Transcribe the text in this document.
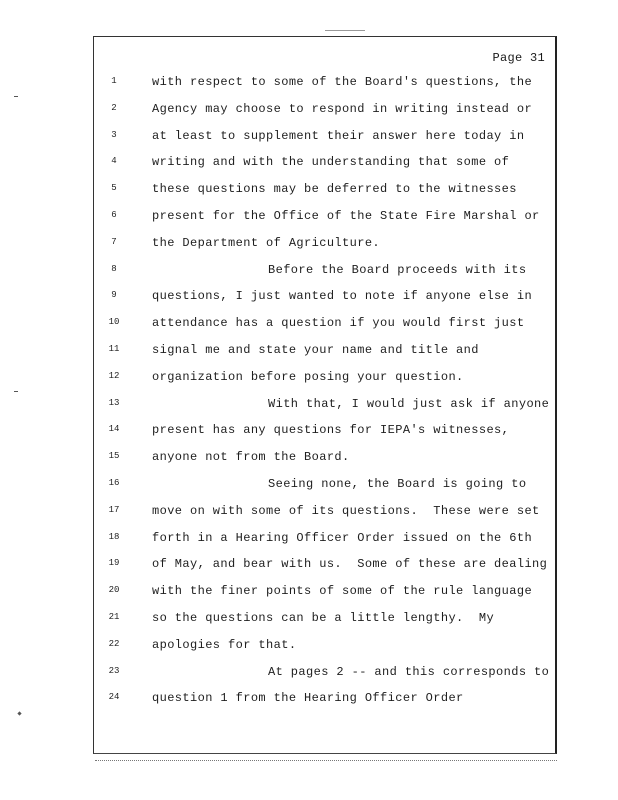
Page 31
1
2
3
4
5
6
7
8
9
10
11
12
13
14
15
16
17
18
19
20
21
22
23
24
with respect to some of the Board's questions, the
Agency may choose to respond in writing instead or
at least to supplement their answer here today in
writing and with the understanding that some of
these questions may be deferred to the witnesses
present for the Office of the State Fire Marshal or
the Department of Agriculture.
Before the Board proceeds with its
questions, I just wanted to note if anyone else in
attendance has a question if you would first just
signal me and state your name and title and
organization before posing your question.
With that, I would just ask if anyone
present has any questions for IEPA's witnesses,
anyone not from the Board.
Seeing none, the Board is going to
move on with some of its questions.  These were set
forth in a Hearing Officer Order issued on the 6th
of May, and bear with us.  Some of these are dealing
with the finer points of some of the rule language
so the questions can be a little lengthy.  My
apologies for that.
At pages 2 -- and this corresponds to
question 1 from the Hearing Officer Order
